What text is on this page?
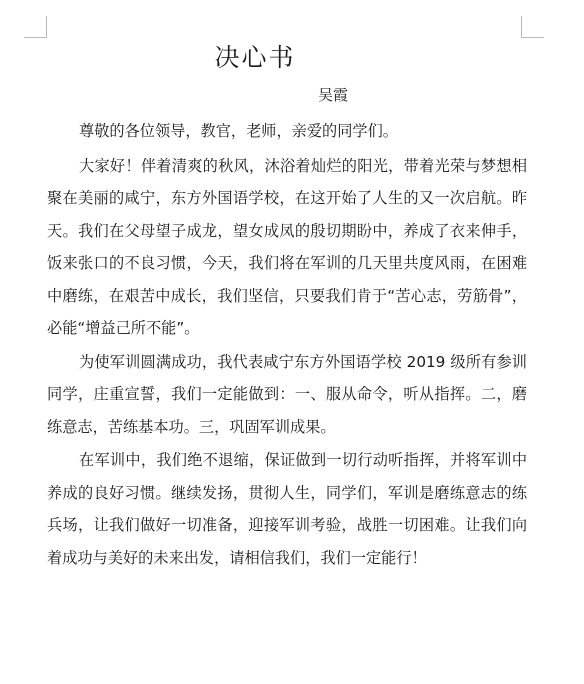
决心书
吴霞

尊敬的各位领导，教官，老师，亲爱的同学们。

大家好！伴着清爽的秋风，沐浴着灿烂的阳光，带着光荣与梦想相聚在美丽的咸宁，东方外国语学校，在这开始了人生的又一次启航。昨天。我们在父母望子成龙，望女成凤的殷切期盼中，养成了衣来伸手，饭来张口的不良习惯，今天，我们将在军训的几天里共度风雨，在困难中磨练，在艰苦中成长，我们坚信，只要我们肯于“苦心志，劳筋骨”，必能“增益己所不能”。

为使军训圆满成功，我代表咸宁东方外国语学校 2019 级所有参训同学，庄重宣誓，我们一定能做到：一、服从命令，听从指挥。二，磨练意志，苦练基本功。三，巩固军训成果。

在军训中，我们绝不退缩，保证做到一切行动听指挥，并将军训中养成的良好习惯。继续发扬，贯彻人生，同学们，军训是磨练意志的练兵场，让我们做好一切准备，迎接军训考验，战胜一切困难。让我们向着成功与美好的未来出发，请相信我们，我们一定能行！
